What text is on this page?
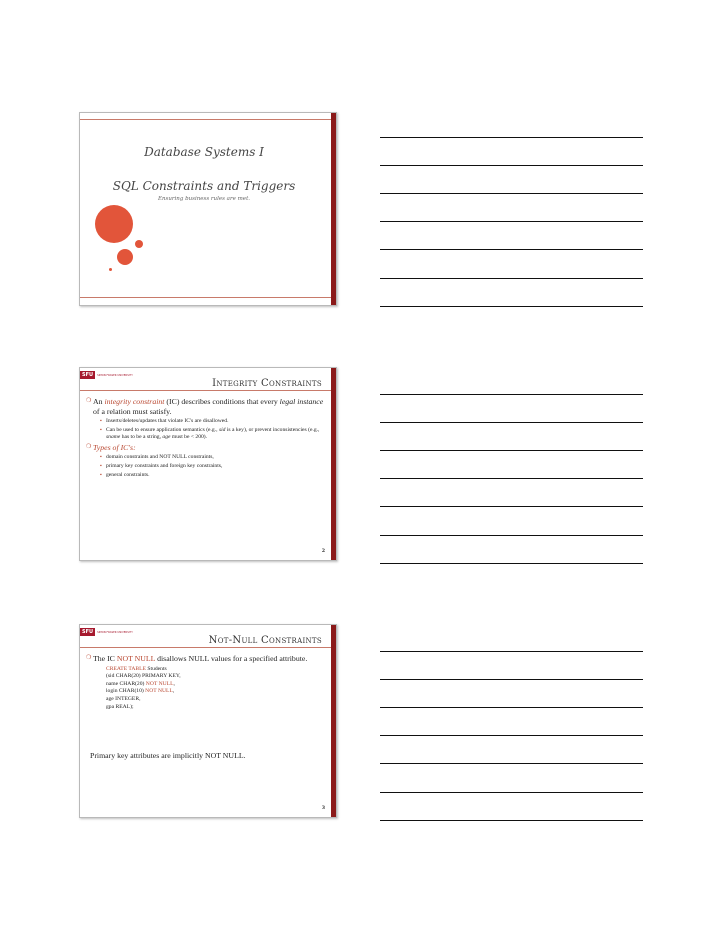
Database Systems I
SQL Constraints and Triggers
Ensuring business rules are met.
SFU	SIMON FRASER UNIVERSITY
Integrity Constraints
❍ An integrity constraint (IC) describes conditions that every legal instance of a relation must satisfy.
▪ Inserts/deletes/updates that violate IC's are disallowed.
▪ Can be used to ensure application semantics (e.g., sid is a key), or prevent inconsistencies (e.g., sname has to be a string, age must be < 200).
❍ Types of IC's:
▪ domain constraints and NOT NULL constraints,
▪ primary key constraints and foreign key constraints,
▪ general constraints.
2
SFU	SIMON FRASER UNIVERSITY
Not-Null Constraints
❍ The IC NOT NULL disallows NULL values for a specified attribute.
CREATE TABLE Students
(sid CHAR(20) PRIMARY KEY,
name CHAR(20) NOT NULL,
login CHAR(10) NOT NULL,
age INTEGER,
gpa REAL);
Primary key attributes are implicitly NOT NULL.
3
